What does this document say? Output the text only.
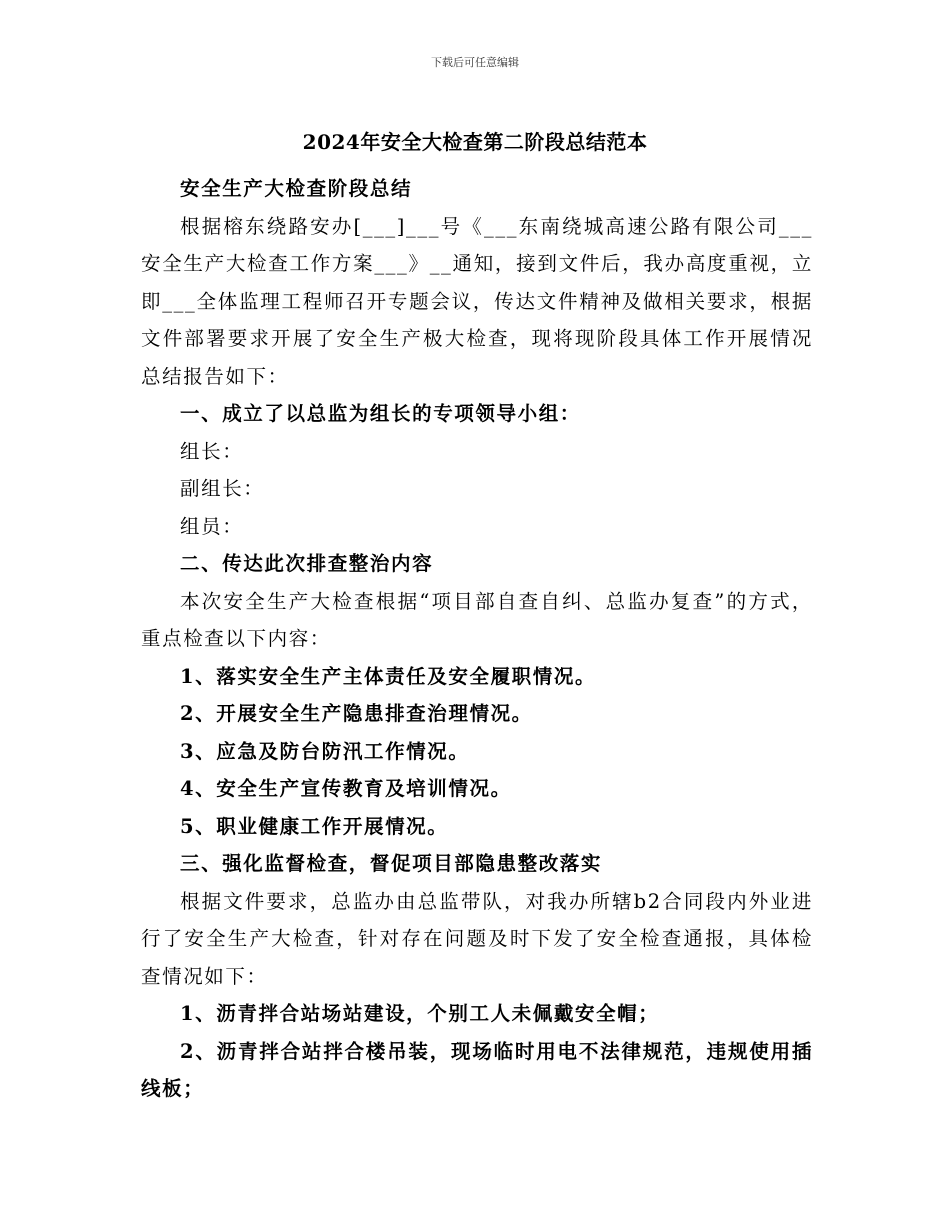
下载后可任意编辑
2024年安全大检查第二阶段总结范本

安全生产大检查阶段总结

根据榕东绕路安办[___]___号《___东南绕城高速公路有限公司___安全生产大检查工作方案___》__通知，接到文件后，我办高度重视，立即___全体监理工程师召开专题会议，传达文件精神及做相关要求，根据文件部署要求开展了安全生产极大检查，现将现阶段具体工作开展情况总结报告如下：

一、成立了以总监为组长的专项领导小组：

组长：

副组长：

组员：

二、传达此次排查整治内容

本次安全生产大检查根据“项目部自查自纠、总监办复查”的方式，重点检查以下内容：

1、落实安全生产主体责任及安全履职情况。

2、开展安全生产隐患排查治理情况。

3、应急及防台防汛工作情况。

4、安全生产宣传教育及培训情况。

5、职业健康工作开展情况。

三、强化监督检查，督促项目部隐患整改落实

根据文件要求，总监办由总监带队，对我办所辖b2合同段内外业进行了安全生产大检查，针对存在问题及时下发了安全检查通报，具体检查情况如下：

1、沥青拌合站场站建设，个别工人未佩戴安全帽；

2、沥青拌合站拌合楼吊装，现场临时用电不法律规范，违规使用插线板；
